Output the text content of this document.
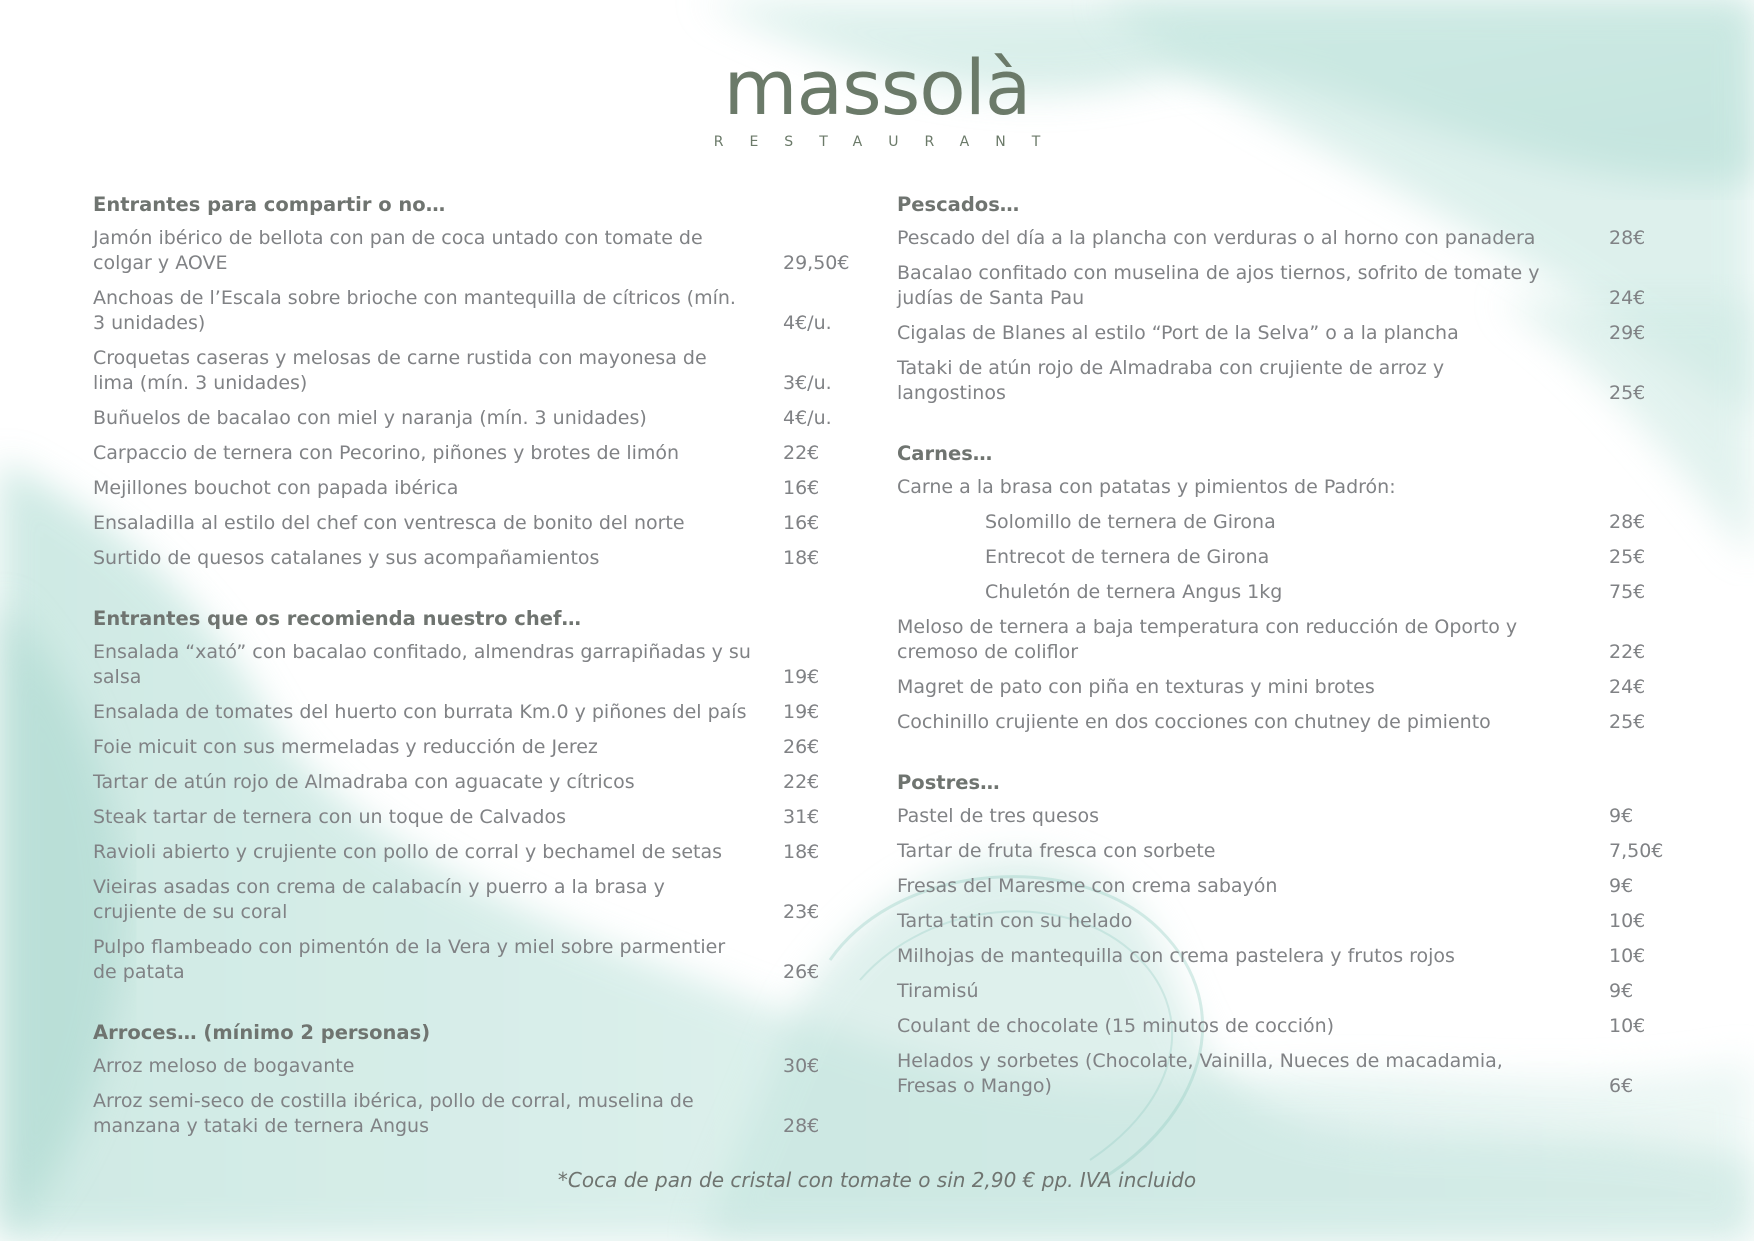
massolà
RESTAURANT
Entrantes para compartir o no…
Jamón ibérico de bellota con pan de coca untado con tomate de colgar y AOVE	29,50€
Anchoas de l’Escala sobre brioche con mantequilla de cítricos (mín. 3 unidades)	4€/u.
Croquetas caseras y melosas de carne rustida con mayonesa de lima (mín. 3 unidades)	3€/u.
Buñuelos de bacalao con miel y naranja (mín. 3 unidades)	4€/u.
Carpaccio de ternera con Pecorino, piñones y brotes de limón	22€
Mejillones bouchot con papada ibérica	16€
Ensaladilla al estilo del chef con ventresca de bonito del norte	16€
Surtido de quesos catalanes y sus acompañamientos	18€
Entrantes que os recomienda nuestro chef…
Ensalada “xató” con bacalao confitado, almendras garrapiñadas y su salsa	19€
Ensalada de tomates del huerto con burrata Km.0 y piñones del país	19€
Foie micuit con sus mermeladas y reducción de Jerez	26€
Tartar de atún rojo de Almadraba con aguacate y cítricos	22€
Steak tartar de ternera con un toque de Calvados	31€
Ravioli abierto y crujiente con pollo de corral y bechamel de setas	18€
Vieiras asadas con crema de calabacín y puerro a la brasa y crujiente de su coral	23€
Pulpo flambeado con pimentón de la Vera y miel sobre parmentier de patata	26€
Arroces… (mínimo 2 personas)
Arroz meloso de bogavante	30€
Arroz semi-seco de costilla ibérica, pollo de corral, muselina de manzana y tataki de ternera Angus	28€
Pescados…
Pescado del día a la plancha con verduras o al horno con panadera	28€
Bacalao confitado con muselina de ajos tiernos, sofrito de tomate y judías de Santa Pau	24€
Cigalas de Blanes al estilo “Port de la Selva” o a la plancha	29€
Tataki de atún rojo de Almadraba con crujiente de arroz y langostinos	25€
Carnes…
Carne a la brasa con patatas y pimientos de Padrón:
Solomillo de ternera de Girona	28€
Entrecot de ternera de Girona	25€
Chuletón de ternera Angus 1kg	75€
Meloso de ternera a baja temperatura con reducción de Oporto y cremoso de coliflor	22€
Magret de pato con piña en texturas y mini brotes	24€
Cochinillo crujiente en dos cocciones con chutney de pimiento	25€
Postres…
Pastel de tres quesos	9€
Tartar de fruta fresca con sorbete	7,50€
Fresas del Maresme con crema sabayón	9€
Tarta tatin con su helado	10€
Milhojas de mantequilla con crema pastelera y frutos rojos	10€
Tiramisú	9€
Coulant de chocolate (15 minutos de cocción)	10€
Helados y sorbetes (Chocolate, Vainilla, Nueces de macadamia, Fresas o Mango)	6€
*Coca de pan de cristal con tomate o sin 2,90 € pp. IVA incluido
